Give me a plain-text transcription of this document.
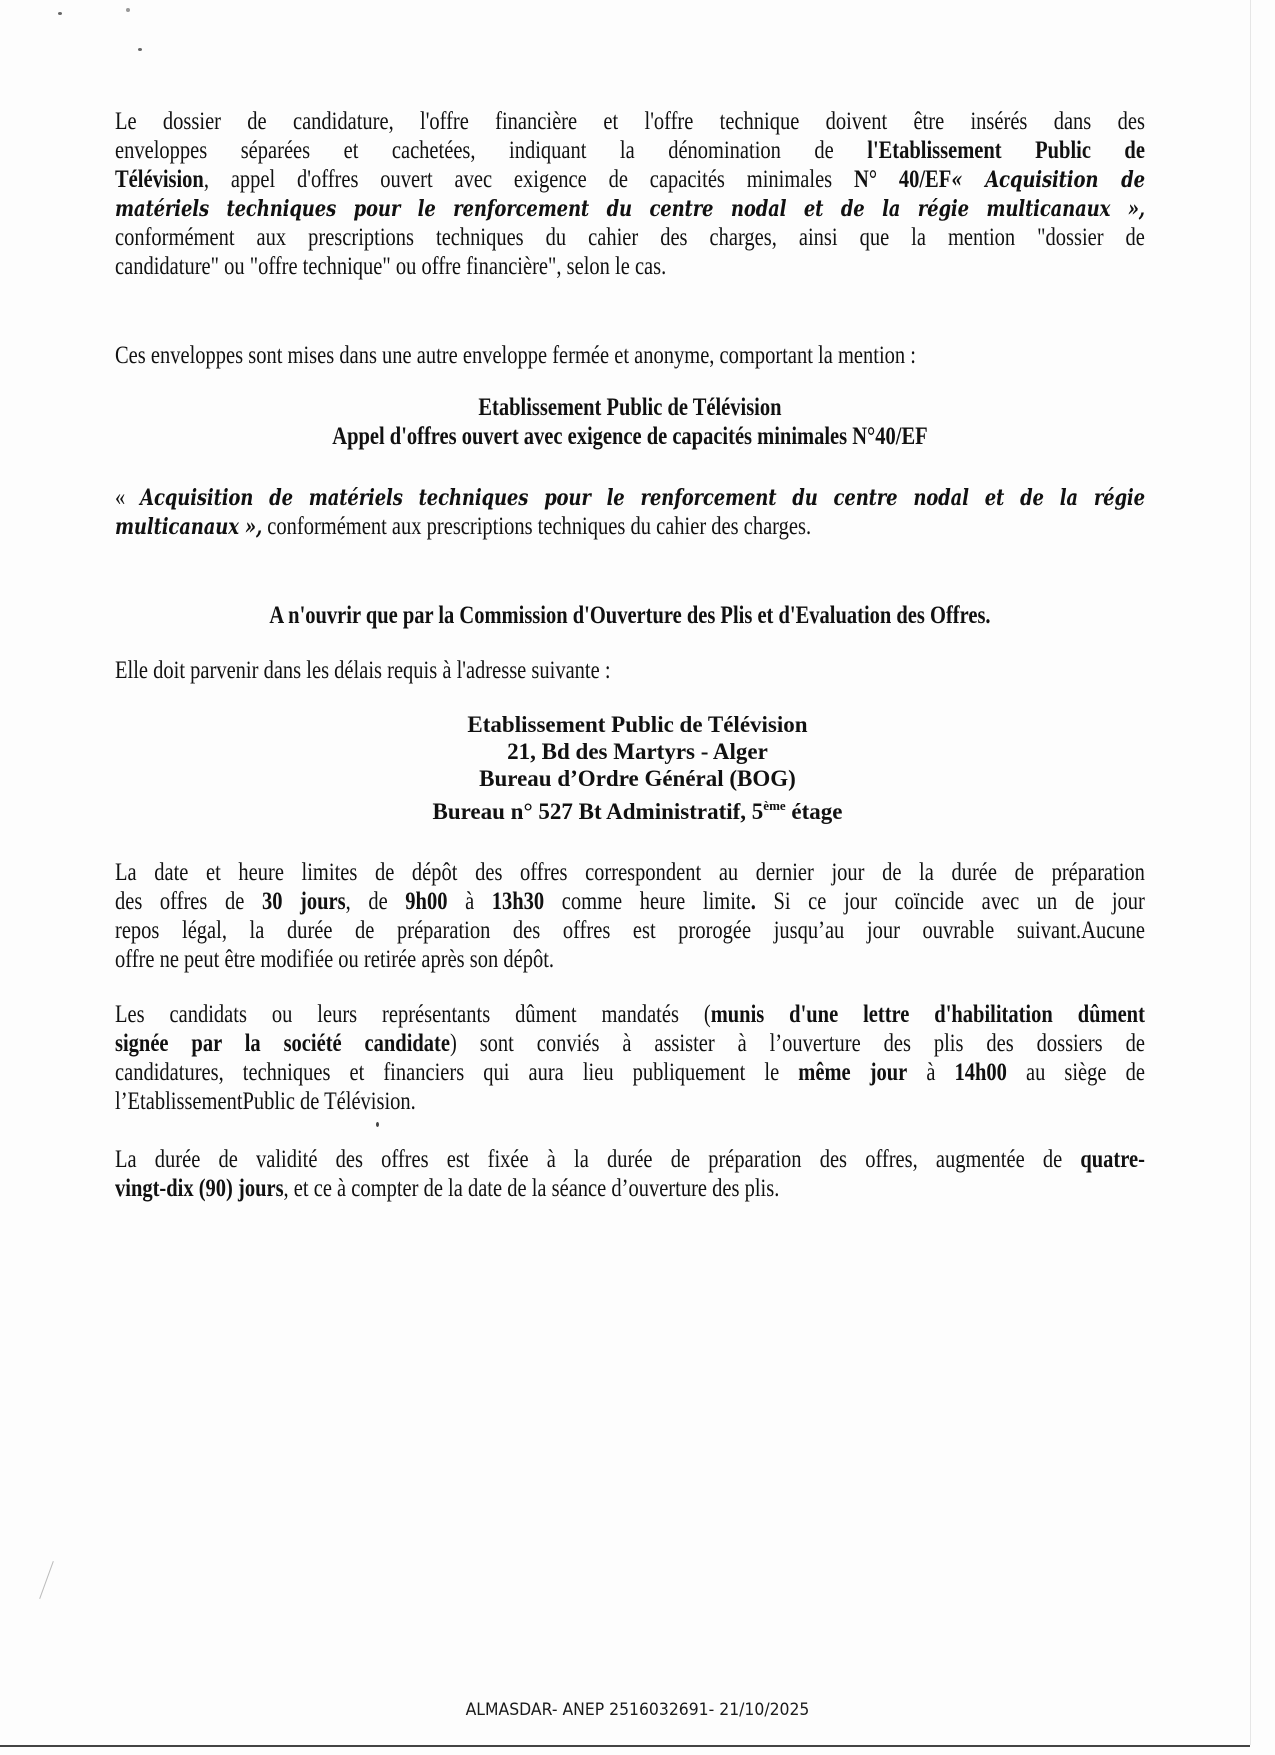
Le dossier de candidature, l'offre financière et l'offre technique doivent être insérés dans des
enveloppes séparées et cachetées, indiquant la dénomination de l'Etablissement Public de
Télévision, appel d'offres ouvert avec exigence de capacités minimales N° 40/EF« Acquisition de
matériels techniques pour le renforcement du centre nodal et de la régie multicanaux »,
conformément aux prescriptions techniques du cahier des charges, ainsi que la mention "dossier de
candidature" ou "offre technique" ou offre financière", selon le cas.
Ces enveloppes sont mises dans une autre enveloppe fermée et anonyme, comportant la mention :
Etablissement Public de Télévision
Appel d'offres ouvert avec exigence de capacités minimales N°40/EF
« Acquisition de matériels techniques pour le renforcement du centre nodal et de la régie
multicanaux », conformément aux prescriptions techniques du cahier des charges.
A n'ouvrir que par la Commission d'Ouverture des Plis et d'Evaluation des Offres.
Elle doit parvenir dans les délais requis à l'adresse suivante :
Etablissement Public de Télévision
21, Bd des Martyrs - Alger
Bureau d’Ordre Général (BOG)
Bureau n° 527 Bt Administratif, 5ème étage
La date et heure limites de dépôt des offres correspondent au dernier jour de la durée de préparation
des offres de 30 jours, de 9h00 à 13h30 comme heure limite. Si ce jour coïncide avec un de jour
repos légal, la durée de préparation des offres est prorogée jusqu’au jour ouvrable suivant.Aucune
offre ne peut être modifiée ou retirée après son dépôt.
Les candidats ou leurs représentants dûment mandatés (munis d'une lettre d'habilitation dûment
signée par la société candidate) sont conviés à assister à l’ouverture des plis des dossiers de
candidatures, techniques et financiers qui aura lieu publiquement le même jour à 14h00 au siège de
l’EtablissementPublic de Télévision.
La durée de validité des offres est fixée à la durée de préparation des offres, augmentée de quatre-
vingt-dix (90) jours, et ce à compter de la date de la séance d’ouverture des plis.
ALMASDAR- ANEP 2516032691- 21/10/2025
